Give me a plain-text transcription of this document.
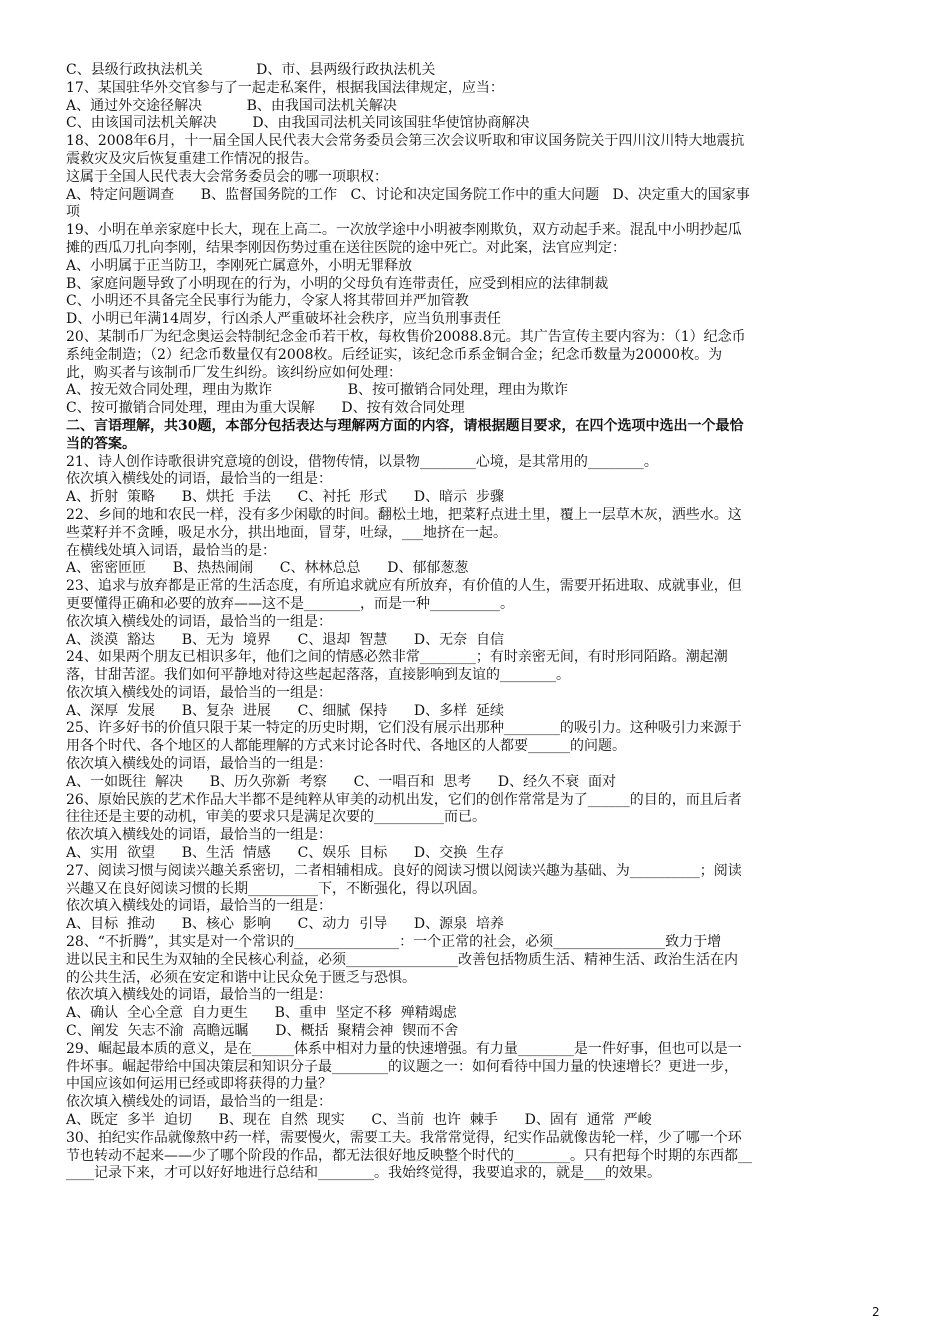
C、县级行政执法机关            D、市、县两级行政执法机关
17、某国驻华外交官参与了一起走私案件，根据我国法律规定，应当：
A、通过外交途径解决          B、由我国司法机关解决
C、由该国司法机关解决        D、由我国司法机关同该国驻华使馆协商解决
18、2008年6月，十一届全国人民代表大会常务委员会第三次会议听取和审议国务院关于四川汶川特大地震抗
震救灾及灾后恢复重建工作情况的报告。
这属于全国人民代表大会常务委员会的哪一项职权：
A、特定问题调查      B、监督国务院的工作   C、讨论和决定国务院工作中的重大问题   D、决定重大的国家事
项
19、小明在单亲家庭中长大，现在上高二。一次放学途中小明被李刚欺负，双方动起手来。混乱中小明抄起瓜
摊的西瓜刀扎向李刚，结果李刚因伤势过重在送往医院的途中死亡。对此案，法官应判定：
A、小明属于正当防卫，李刚死亡属意外，小明无罪释放
B、家庭问题导致了小明现在的行为，小明的父母负有连带责任，应受到相应的法律制裁
C、小明还不具备完全民事行为能力，令家人将其带回并严加管教
D、小明已年满14周岁，行凶杀人严重破坏社会秩序，应当负刑事责任
20、某制币厂为纪念奥运会特制纪念金币若干枚，每枚售价20088.8元。其广告宣传主要内容为：（1）纪念币
系纯金制造；（2）纪念币数量仅有2008枚。后经证实，该纪念币系金铜合金；纪念币数量为20000枚。为
此，购买者与该制币厂发生纠纷。该纠纷应如何处理：
A、按无效合同处理，理由为欺诈                 B、按可撤销合同处理，理由为欺诈
C、按可撤销合同处理，理由为重大误解      D、按有效合同处理
二、言语理解，共30题，本部分包括表达与理解两方面的内容，请根据题目要求，在四个选项中选出一个最恰
当的答案。
21、诗人创作诗歌很讲究意境的创设，借物传情，以景物________心境，是其常用的________。
依次填入横线处的词语，最恰当的一组是：
A、折射  策略      B、烘托  手法      C、衬托  形式      D、暗示  步骤
22、乡间的地和农民一样，没有多少闲歇的时间。翻松土地，把菜籽点进土里，覆上一层草木灰，洒些水。这
些菜籽并不贪睡，吸足水分，拱出地面，冒芽，吐绿，___地挤在一起。
在横线处填入词语，最恰当的是：
A、密密匝匝      B、热热闹闹      C、林林总总      D、郁郁葱葱
23、追求与放弃都是正常的生活态度，有所追求就应有所放弃，有价值的人生，需要开拓进取、成就事业，但
更要懂得正确和必要的放弃——这不是________，而是一种__________。
依次填入横线处的词语，最恰当的一组是：
A、淡漠  豁达      B、无为  境界      C、退却  智慧      D、无奈  自信
24、如果两个朋友已相识多年，他们之间的情感必然非常________；有时亲密无间，有时形同陌路。潮起潮
落，甘甜苦涩。我们如何平静地对待这些起起落落，直接影响到友谊的________。
依次填入横线处的词语，最恰当的一组是：
A、深厚  发展      B、复杂  进展      C、细腻  保持      D、多样  延续
25、许多好书的价值只限于某一特定的历史时期，它们没有展示出那种________的吸引力。这种吸引力来源于
用各个时代、各个地区的人都能理解的方式来讨论各时代、各地区的人都要______的问题。
依次填入横线处的词语，最恰当的一组是：
A、一如既往  解决      B、历久弥新  考察      C、一唱百和  思考      D、经久不衰  面对
26、原始民族的艺术作品大半都不是纯粹从审美的动机出发，它们的创作常常是为了______的目的，而且后者
往往还是主要的动机，审美的要求只是满足次要的__________而已。
依次填入横线处的词语，最恰当的一组是：
A、实用  欲望      B、生活  情感      C、娱乐  目标      D、交换  生存
27、阅读习惯与阅读兴趣关系密切，二者相辅相成。良好的阅读习惯以阅读兴趣为基础、为__________；阅读
兴趣又在良好阅读习惯的长期__________下，不断强化，得以巩固。
依次填入横线处的词语，最恰当的一组是：
A、目标  推动      B、核心  影响      C、动力  引导      D、源泉  培养
28、“不折腾”，其实是对一个常识的_______________：一个正常的社会，必须________________致力于增
进以民主和民生为双轴的全民核心利益，必须________________改善包括物质生活、精神生活、政治生活在内
的公共生活，必须在安定和谐中让民众免于匮乏与恐惧。
依次填入横线处的词语，最恰当的一组是：
A、确认  全心全意  自力更生      B、重申  坚定不移  殚精竭虑
C、阐发  矢志不渝  高瞻远瞩      D、概括  聚精会神  锲而不舍
29、崛起最本质的意义，是在______体系中相对力量的快速增强。有力量________是一件好事，但也可以是一
件坏事。崛起带给中国决策层和知识分子最________的议题之一：如何看待中国力量的快速增长？更进一步，
中国应该如何运用已经或即将获得的力量？
依次填入横线处的词语，最恰当的一组是：
A、既定  多半  迫切      B、现在  自然  现实      C、当前  也许  棘手      D、固有  通常  严峻
30、拍纪实作品就像熬中药一样，需要慢火，需要工夫。我常常觉得，纪实作品就像齿轮一样，少了哪一个环
节也转动不起来——少了哪个阶段的作品，都无法很好地反映整个时代的________。只有把每个时期的东西都__
____记录下来，才可以好好地进行总结和________。我始终觉得，我要追求的，就是___的效果。
2
